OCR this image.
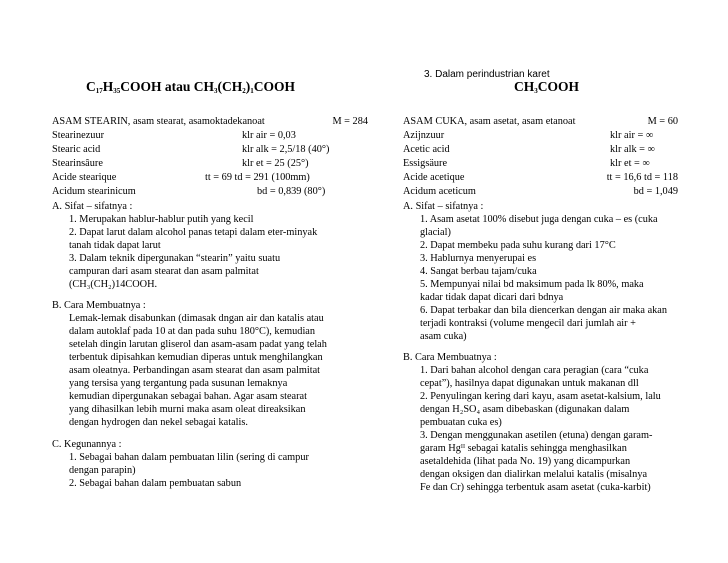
$C_{17}H_{35}COOH$ atau $CH_3(CH_2)_1COOH$
ASAM STEARIN, asam stearat, asamoktadekanoat	M = 284
Stearinezuur	klr air = 0,03
Stearic acid	klr alk = 2,5/18 (40°)
Stearinsâure	klr et = 25 (25°)
Acide stearique	tt = 69 td = 291 (100mm)
Acidum stearinicum	bd = 0,839 (80°)
A. Sifat – sifatnya :
1. Merupakan hablur-hablur putih yang kecil
2. Dapat larut dalam alcohol panas tetapi dalam eter-minyak
tanah tidak dapat larut
3. Dalam teknik dipergunakan “stearin” yaitu suatu
campuran dari asam stearat dan asam palmitat
(CH₃(CH₂)14COOH.
B. Cara Membuatnya :
Lemak-lemak disabunkan (dimasak dngan air dan katalis atau
dalam autoklaf pada 10 at dan pada suhu 180°C), kemudian
setelah dingin larutan gliserol dan asam-asam padat yang telah
terbentuk dipisahkan kemudian diperas untuk menghilangkan
asam oleatnya. Perbandingan asam stearat dan asam palmitat
yang tersisa yang tergantung pada susunan lemaknya
kemudian dipergunakan sebagai bahan. Agar asam stearat
yang dihasilkan lebih murni maka asam oleat direaksikan
dengan hydrogen dan nekel sebagai katalis.
C. Kegunannya :
1. Sebagai bahan dalam pembuatan lilin (sering di campur
dengan parapin)
2. Sebagai bahan dalam pembuatan sabun
3. Dalam perindustrian karet
$CH_3COOH$
ASAM CUKA, asam asetat, asam etanoat	M = 60
Azijnzuur	klr air = ∞
Acetic acid	klr alk = ∞
Essigsäure	klr et = ∞
Acide acetique	tt = 16,6 td = 118
Acidum aceticum	bd = 1,049
A. Sifat – sifatnya :
1. Asam asetat 100% disebut juga dengan cuka – es (cuka
glacial)
2. Dapat membeku pada suhu kurang dari 17°C
3. Hablurnya menyerupai es
4. Sangat berbau tajam/cuka
5. Mempunyai nilai bd maksimum pada lk 80%, maka
kadar tidak dapat dicari dari bdnya
6. Dapat terbakar dan bila diencerkan dengan air maka akan
terjadi kontraksi (volume mengecil dari jumlah air +
asam cuka)
B. Cara Membuatnya :
1. Dari bahan alcohol dengan cara peragian (cara “cuka
cepat”), hasilnya dapat digunakan untuk makanan dll
2. Penyulingan kering dari kayu, asam asetat-kalsium, lalu
dengan H₂SO₄ asam dibebaskan (digunakan dalam
pembuatan cuka es)
3. Dengan menggunakan asetilen (etuna) dengan garam-
garam Hgᴵᴵ sebagai katalis sehingga menghasilkan
asetaldehida (lihat pada No. 19) yang dicampurkan
dengan oksigen dan dialirkan melalui katalis (misalnya
Fe dan Cr) sehingga terbentuk asam asetat (cuka-karbit)
